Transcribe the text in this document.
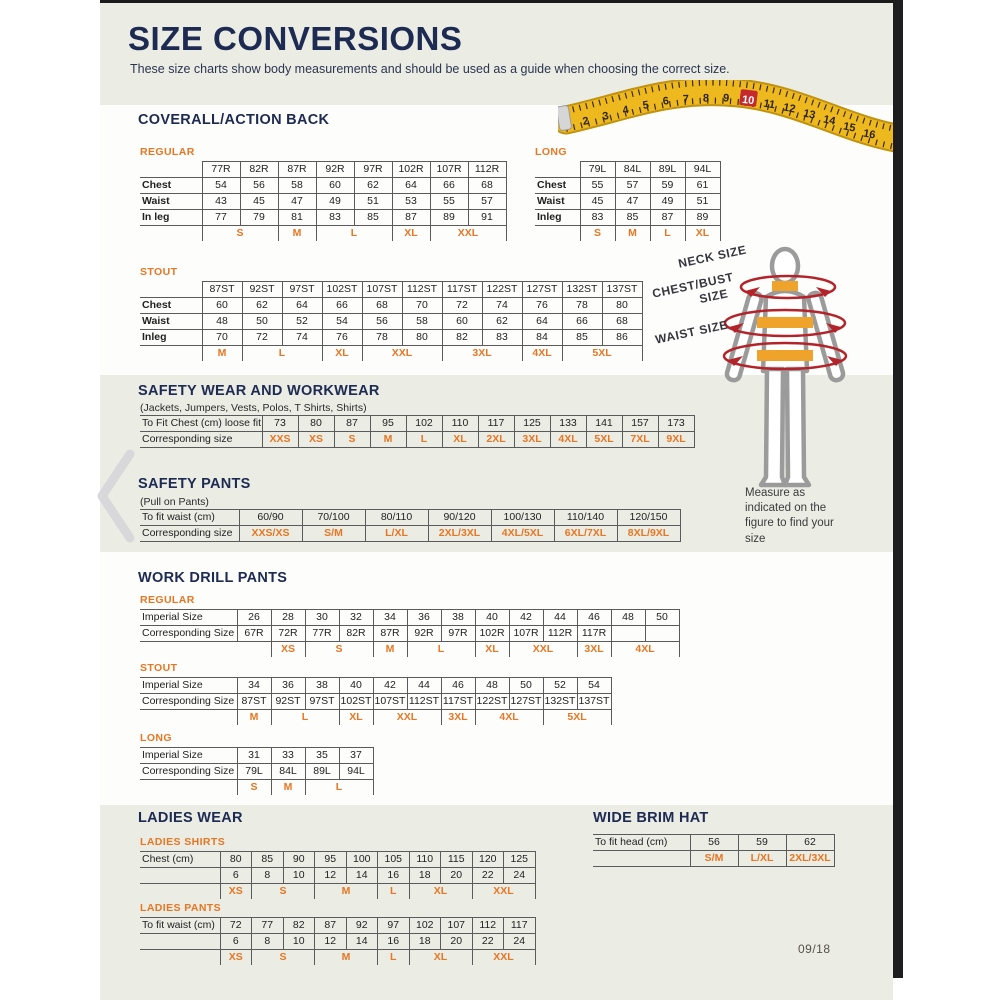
SIZE CONVERSIONS
These size charts show body measurements and should be used as a guide when choosing the correct size.
2 3 4 5 6 7 8 9 10 11 12 13 14 15 16
COVERALL/ACTION BACK
REGULAR
	77R	82R	87R	92R	97R	102R	107R	112R
Chest	54	56	58	60	62	64	66	68
Waist	43	45	47	49	51	53	55	57
In leg	77	79	81	83	85	87	89	91
	S		M	L		XL	XXL	
LONG
	79L	84L	89L	94L
Chest	55	57	59	61
Waist	45	47	49	51
Inleg	83	85	87	89
	S	M	L	XL
STOUT
	87ST	92ST	97ST	102ST	107ST	112ST	117ST	122ST	127ST	132ST	137ST
Chest	60	62	64	66	68	70	72	74	76	78	80
Waist	48	50	52	54	56	58	60	62	64	66	68
Inleg	70	72	74	76	78	80	82	83	84	85	86
	M	L		XL	XXL		3XL		4XL	5XL	
SAFETY WEAR AND WORKWEAR
(Jackets, Jumpers, Vests, Polos, T Shirts, Shirts)
To Fit Chest (cm) loose fit	73	80	87	95	102	110	117	125	133	141	157	173
Corresponding size	XXS	XS	S	M	L	XL	2XL	3XL	4XL	5XL	7XL	9XL
SAFETY PANTS
(Pull on Pants)
To fit waist (cm)	60/90	70/100	80/110	90/120	100/130	110/140	120/150
Corresponding size	XXS/XS	S/M	L/XL	2XL/3XL	4XL/5XL	6XL/7XL	8XL/9XL
WORK DRILL PANTS
REGULAR
Imperial Size	26	28	30	32	34	36	38	40	42	44	46	48	50
Corresponding Size	67R	72R	77R	82R	87R	92R	97R	102R	107R	112R	117R		
		XS	S		M	L		XL	XXL		3XL	4XL	
STOUT
Imperial Size	34	36	38	40	42	44	46	48	50	52	54
Corresponding Size	87ST	92ST	97ST	102ST	107ST	112ST	117ST	122ST	127ST	132ST	137ST
	M	L		XL	XXL		3XL	4XL		5XL	
LONG
Imperial Size	31	33	35	37
Corresponding Size	79L	84L	89L	94L
	S	M	L	
LADIES WEAR
LADIES SHIRTS
Chest (cm)	80	85	90	95	100	105	110	115	120	125
	6	8	10	12	14	16	18	20	22	24
	XS	S		M		L	XL		XXL	
LADIES PANTS
To fit waist (cm)	72	77	82	87	92	97	102	107	112	117
	6	8	10	12	14	16	18	20	22	24
	XS	S		M		L	XL		XXL	
WIDE BRIM HAT
To fit head (cm)	56	59	62
	S/M	L/XL	2XL/3XL
NECK SIZE
CHEST/BUST SIZE
WAIST SIZE
Measure as indicated on the figure to find your size
09/18
